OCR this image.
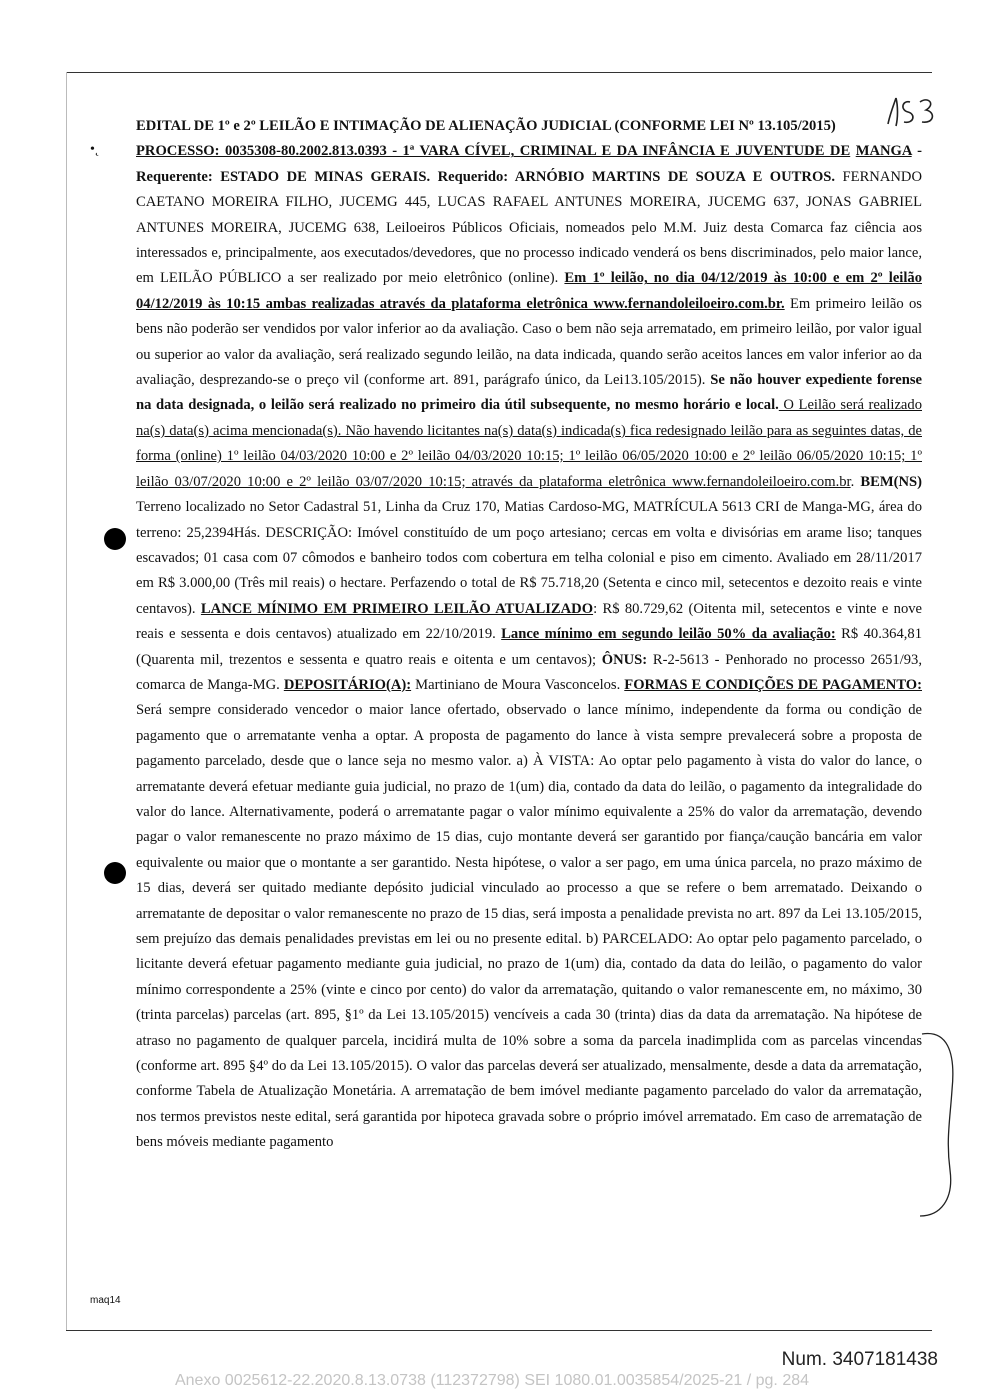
•˛

EDITAL DE 1º e 2º LEILÃO E INTIMAÇÃO DE ALIENAÇÃO JUDICIAL (CONFORME LEI Nº 13.105/2015)
PROCESSO: 0035308-80.2002.813.0393 - 1ª VARA CÍVEL, CRIMINAL E DA INFÂNCIA E JUVENTUDE DE MANGA - Requerente: ESTADO DE MINAS GERAIS. Requerido: ARNÓBIO MARTINS DE SOUZA E OUTROS. FERNANDO CAETANO MOREIRA FILHO, JUCEMG 445, LUCAS RAFAEL ANTUNES MOREIRA, JUCEMG 637, JONAS GABRIEL ANTUNES MOREIRA, JUCEMG 638, Leiloeiros Públicos Oficiais, nomeados pelo M.M. Juiz desta Comarca faz ciência aos interessados e, principalmente, aos executados/devedores, que no processo indicado venderá os bens discriminados, pelo maior lance, em LEILÃO PÚBLICO a ser realizado por meio eletrônico (online). Em 1º leilão, no dia 04/12/2019 às 10:00 e em 2º leilão 04/12/2019 às 10:15 ambas realizadas através da plataforma eletrônica www.fernandoleiloeiro.com.br. Em primeiro leilão os bens não poderão ser vendidos por valor inferior ao da avaliação. Caso o bem não seja arrematado, em primeiro leilão, por valor igual ou superior ao valor da avaliação, será realizado segundo leilão, na data indicada, quando serão aceitos lances em valor inferior ao da avaliação, desprezando-se o preço vil (conforme art. 891, parágrafo único, da Lei13.105/2015). Se não houver expediente forense na data designada, o leilão será realizado no primeiro dia útil subsequente, no mesmo horário e local. O Leilão será realizado na(s) data(s) acima mencionada(s). Não havendo licitantes na(s) data(s) indicada(s) fica redesignado leilão para as seguintes datas, de forma (online) 1º leilão 04/03/2020 10:00 e 2º leilão 04/03/2020 10:15; 1º leilão 06/05/2020 10:00 e 2º leilão 06/05/2020 10:15; 1º leilão 03/07/2020 10:00 e 2º leilão 03/07/2020 10:15; através da plataforma eletrônica www.fernandoleiloeiro.com.br. BEM(NS) Terreno localizado no Setor Cadastral 51, Linha da Cruz 170, Matias Cardoso-MG, MATRÍCULA 5613 CRI de Manga-MG, área do terreno: 25,2394Hás. DESCRIÇÃO: Imóvel constituído de um poço artesiano; cercas em volta e divisórias em arame liso; tanques escavados; 01 casa com 07 cômodos e banheiro todos com cobertura em telha colonial e piso em cimento. Avaliado em 28/11/2017 em R$ 3.000,00 (Três mil reais) o hectare. Perfazendo o total de R$ 75.718,20 (Setenta e cinco mil, setecentos e dezoito reais e vinte centavos). LANCE MÍNIMO EM PRIMEIRO LEILÃO ATUALIZADO: R$ 80.729,62 (Oitenta mil, setecentos e vinte e nove reais e sessenta e dois centavos) atualizado em 22/10/2019. Lance mínimo em segundo leilão 50% da avaliação: R$ 40.364,81 (Quarenta mil, trezentos e sessenta e quatro reais e oitenta e um centavos); ÔNUS: R-2-5613 - Penhorado no processo 2651/93, comarca de Manga-MG. DEPOSITÁRIO(A): Martiniano de Moura Vasconcelos. FORMAS E CONDIÇÕES DE PAGAMENTO: Será sempre considerado vencedor o maior lance ofertado, observado o lance mínimo, independente da forma ou condição de pagamento que o arrematante venha a optar. A proposta de pagamento do lance à vista sempre prevalecerá sobre a proposta de pagamento parcelado, desde que o lance seja no mesmo valor. a) À VISTA: Ao optar pelo pagamento à vista do valor do lance, o arrematante deverá efetuar mediante guia judicial, no prazo de 1(um) dia, contado da data do leilão, o pagamento da integralidade do valor do lance. Alternativamente, poderá o arrematante pagar o valor mínimo equivalente a 25% do valor da arrematação, devendo pagar o valor remanescente no prazo máximo de 15 dias, cujo montante deverá ser garantido por fiança/caução bancária em valor equivalente ou maior que o montante a ser garantido. Nesta hipótese, o valor a ser pago, em uma única parcela, no prazo máximo de 15 dias, deverá ser quitado mediante depósito judicial vinculado ao processo a que se refere o bem arrematado. Deixando o arrematante de depositar o valor remanescente no prazo de 15 dias, será imposta a penalidade prevista no art. 897 da Lei 13.105/2015, sem prejuízo das demais penalidades previstas em lei ou no presente edital. b) PARCELADO: Ao optar pelo pagamento parcelado, o licitante deverá efetuar pagamento mediante guia judicial, no prazo de 1(um) dia, contado da data do leilão, o pagamento do valor mínimo correspondente a 25% (vinte e cinco por cento) do valor da arrematação, quitando o valor remanescente em, no máximo, 30 (trinta parcelas) parcelas (art. 895, §1º da Lei 13.105/2015) vencíveis a cada 30 (trinta) dias da data da arrematação. Na hipótese de atraso no pagamento de qualquer parcela, incidirá multa de 10% sobre a soma da parcela inadimplida com as parcelas vincendas (conforme art. 895 §4º do da Lei 13.105/2015). O valor das parcelas deverá ser atualizado, mensalmente, desde a data da arrematação, conforme Tabela de Atualização Monetária. A arrematação de bem imóvel mediante pagamento parcelado do valor da arrematação, nos termos previstos neste edital, será garantida por hipoteca gravada sobre o próprio imóvel arrematado. Em caso de arrematação de bens móveis mediante pagamento

maq14
Num. 3407181438
Anexo 0025612-22.2020.8.13.0738 (112372798) SEI 1080.01.0035854/2025-21 / pg. 284
